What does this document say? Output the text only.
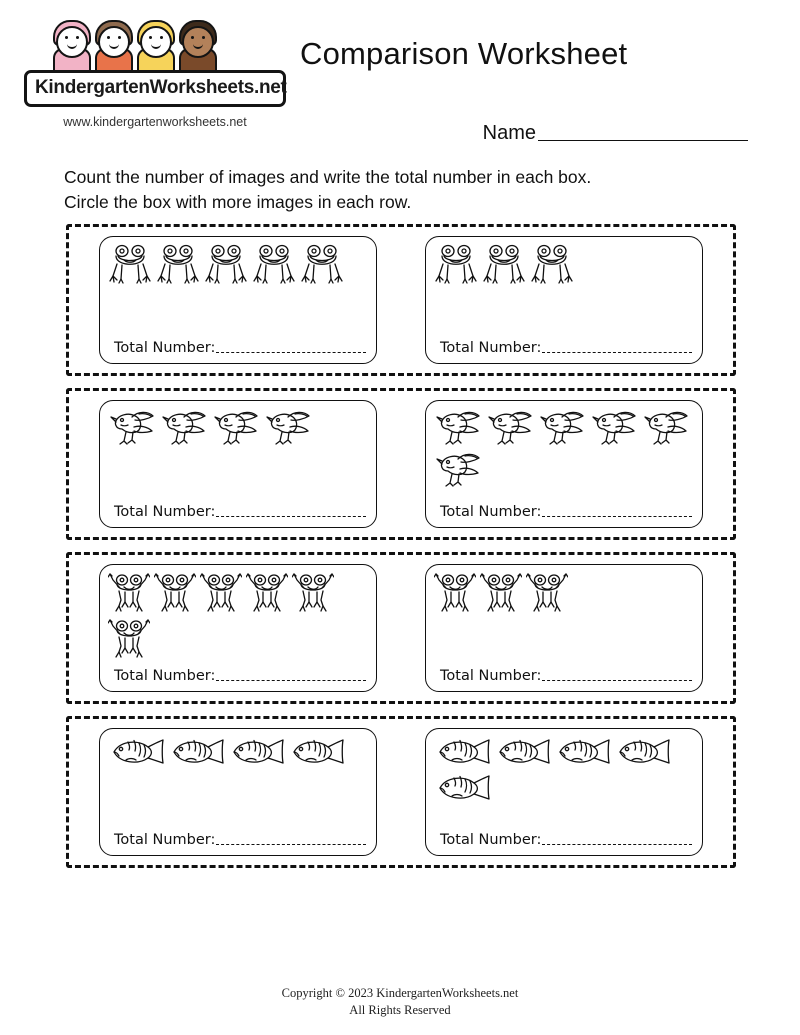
KindergartenWorksheets.net
www.kindergartenworksheets.net
Comparison Worksheet
Name
Count the number of images and write the total number in each box.
Circle the box with more images in each row.
Total Number:	Total Number:
Total Number:	Total Number:
Total Number:	Total Number:
Total Number:	Total Number:
Copyright © 2023 KindergartenWorksheets.net
All Rights Reserved
